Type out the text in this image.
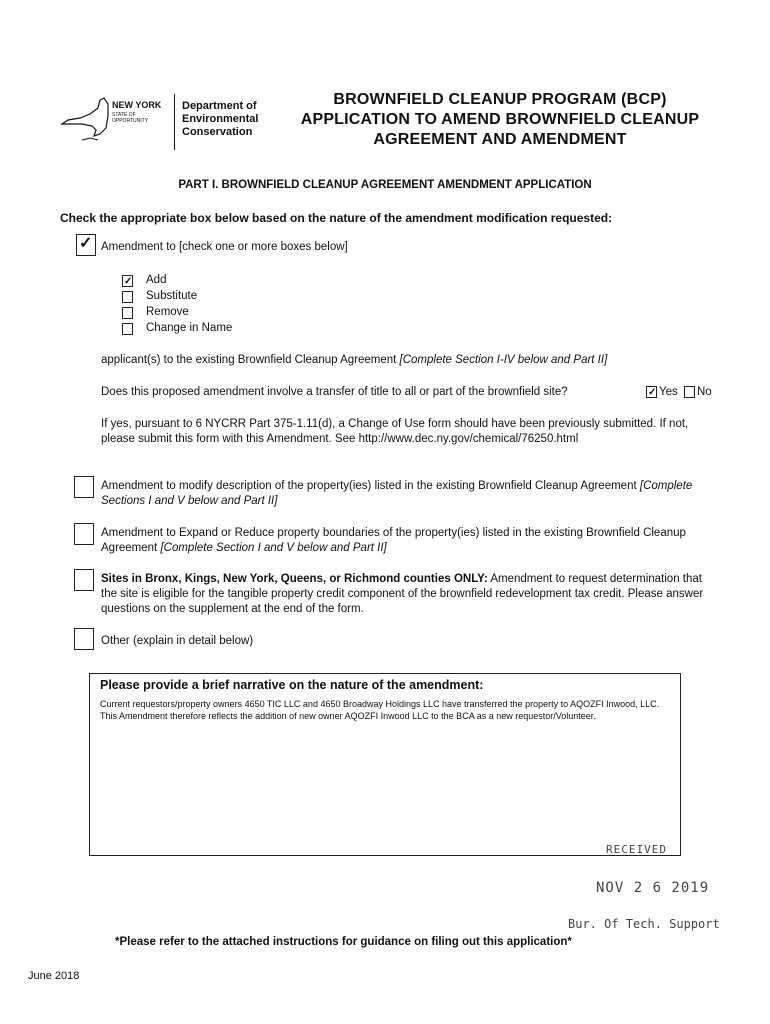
NEW YORK
STATE OF
OPPORTUNITY
Department of
Environmental
Conservation
BROWNFIELD CLEANUP PROGRAM (BCP)
APPLICATION TO AMEND BROWNFIELD CLEANUP
AGREEMENT AND AMENDMENT
PART I. BROWNFIELD CLEANUP AGREEMENT AMENDMENT APPLICATION
Check the appropriate box below based on the nature of the amendment modification requested:
✓ Amendment to [check one or more boxes below]
✓ Add
Substitute
Remove
Change in Name
applicant(s) to the existing Brownfield Cleanup Agreement [Complete Section I-IV below and Part II]
Does this proposed amendment involve a transfer of title to all or part of the brownfield site?	✓ Yes No
If yes, pursuant to 6 NYCRR Part 375-1.11(d), a Change of Use form should have been previously submitted. If not, please submit this form with this Amendment. See http://www.dec.ny.gov/chemical/76250.html
Amendment to modify description of the property(ies) listed in the existing Brownfield Cleanup Agreement [Complete Sections I and V below and Part II]
Amendment to Expand or Reduce property boundaries of the property(ies) listed in the existing Brownfield Cleanup Agreement [Complete Section I and V below and Part II]
Sites in Bronx, Kings, New York, Queens, or Richmond counties ONLY: Amendment to request determination that the site is eligible for the tangible property credit component of the brownfield redevelopment tax credit. Please answer questions on the supplement at the end of the form.
Other (explain in detail below)
Please provide a brief narrative on the nature of the amendment:
Current requestors/property owners 4650 TIC LLC and 4650 Broadway Holdings LLC have transferred the property to AQOZFI Inwood, LLC. This Amendment therefore reflects the addition of new owner AQOZFI Inwood LLC to the BCA as a new requestor/Volunteer.
RECEIVED
NOV 2 6 2019
Bur. Of Tech. Support
*Please refer to the attached instructions for guidance on filing out this application*
June 2018
